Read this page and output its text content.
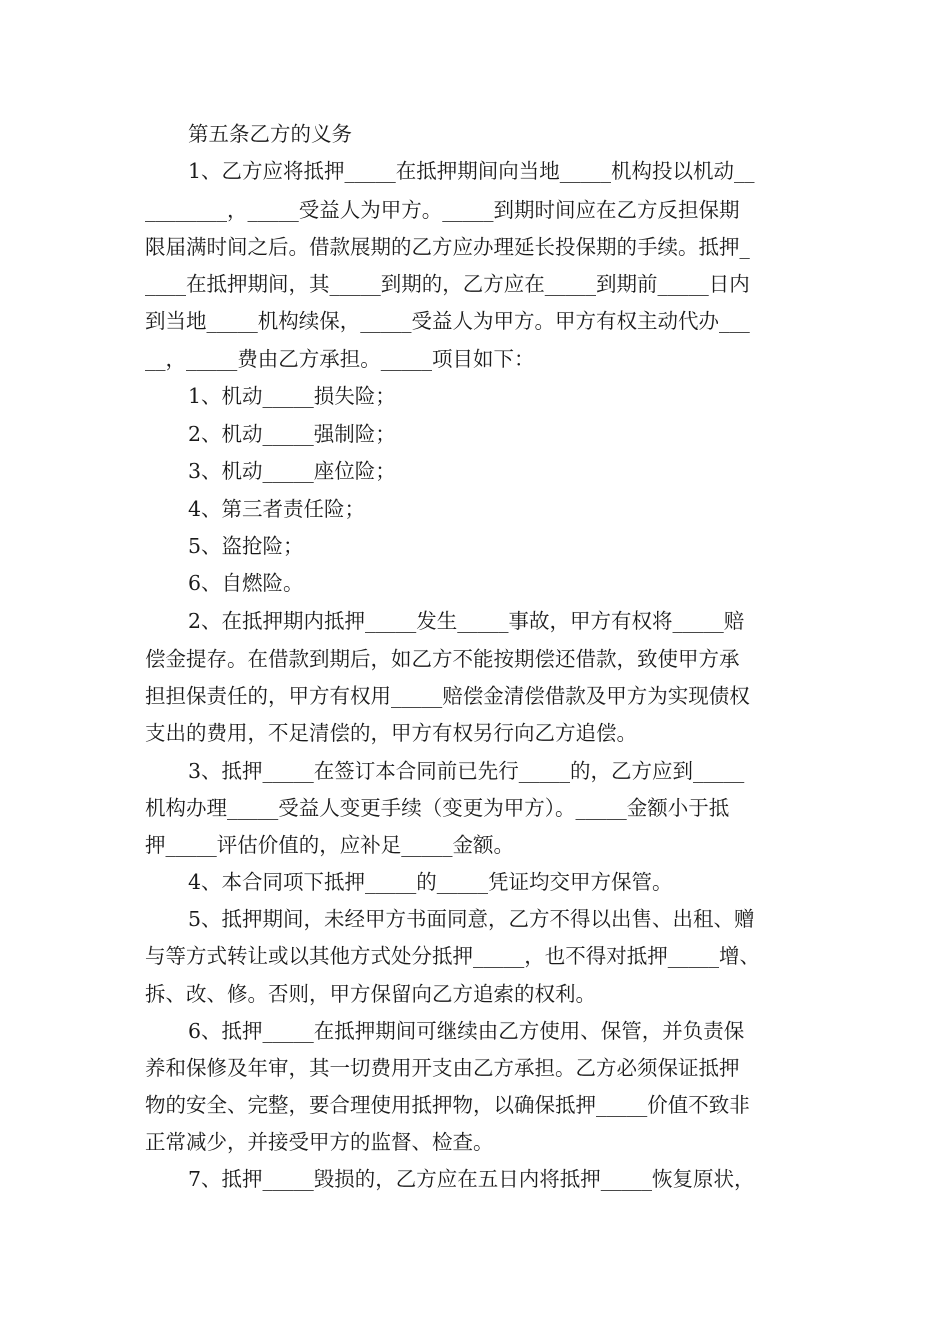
第五条乙方的义务
1、乙方应将抵押_____在抵押期间向当地_____机构投以机动__
________，_____受益人为甲方。_____到期时间应在乙方反担保期
限届满时间之后。借款展期的乙方应办理延长投保期的手续。抵押_
____在抵押期间，其_____到期的，乙方应在_____到期前_____日内
到当地_____机构续保，_____受益人为甲方。甲方有权主动代办___
__，_____费由乙方承担。_____项目如下：
1、机动_____损失险；
2、机动_____强制险；
3、机动_____座位险；
4、第三者责任险；
5、盗抢险；
6、自燃险。
2、在抵押期内抵押_____发生_____事故，甲方有权将_____赔
偿金提存。在借款到期后，如乙方不能按期偿还借款，致使甲方承
担担保责任的，甲方有权用_____赔偿金清偿借款及甲方为实现债权
支出的费用，不足清偿的，甲方有权另行向乙方追偿。
3、抵押_____在签订本合同前已先行_____的，乙方应到_____
机构办理_____受益人变更手续（变更为甲方）。_____金额小于抵
押_____评估价值的，应补足_____金额。
4、本合同项下抵押_____的_____凭证均交甲方保管。
5、抵押期间，未经甲方书面同意，乙方不得以出售、出租、赠
与等方式转让或以其他方式处分抵押_____，也不得对抵押_____增、
拆、改、修。否则，甲方保留向乙方追索的权利。
6、抵押_____在抵押期间可继续由乙方使用、保管，并负责保
养和保修及年审，其一切费用开支由乙方承担。乙方必须保证抵押
物的安全、完整，要合理使用抵押物，以确保抵押_____价值不致非
正常减少，并接受甲方的监督、检查。
7、抵押_____毁损的，乙方应在五日内将抵押_____恢复原状，
